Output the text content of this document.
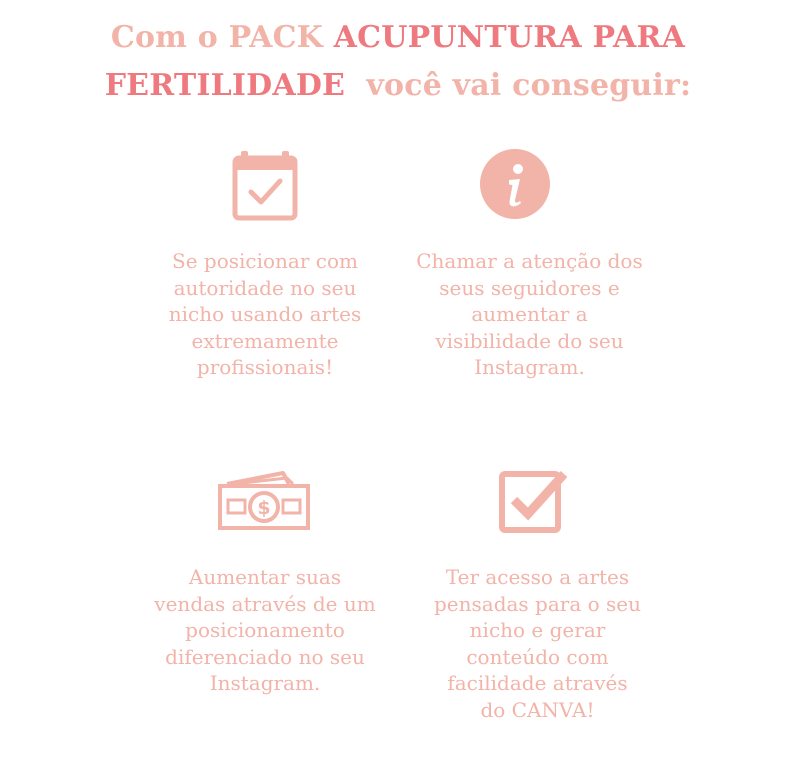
Com o PACK ACUPUNTURA PARA
FERTILIDADE  você vai conseguir:
Se posicionar com
autoridade no seu
nicho usando artes
extremamente
profissionais!
Chamar a atenção dos
seus seguidores e
aumentar a
visibilidade do seu
Instagram.
$
Aumentar suas
vendas através de um
posicionamento
diferenciado no seu
Instagram.
Ter acesso a artes
pensadas para o seu
nicho e gerar
conteúdo com
facilidade através
do CANVA!
